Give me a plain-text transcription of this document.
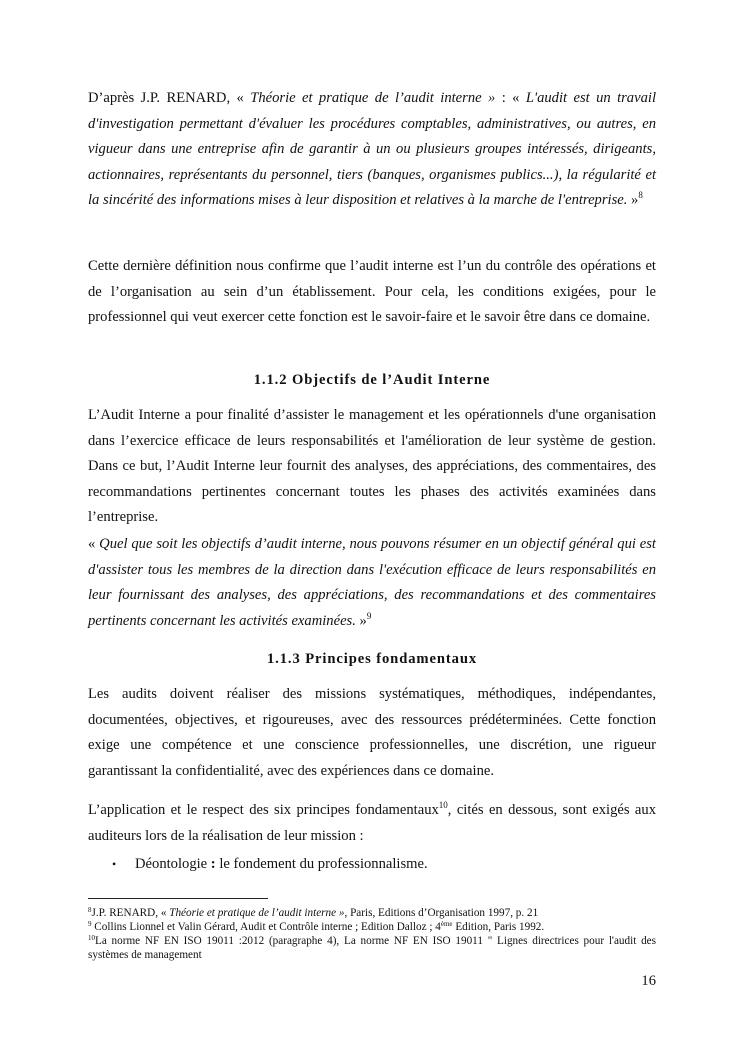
D’après J.P. RENARD, « Théorie et pratique de l’audit interne » : « L'audit est un travail d'investigation permettant d'évaluer les procédures comptables, administratives, ou autres, en vigueur dans une entreprise afin de garantir à un ou plusieurs groupes intéressés, dirigeants, actionnaires, représentants du personnel, tiers (banques, organismes publics...), la régularité et la sincérité des informations mises à leur disposition et relatives à la marche de l'entreprise. »$^8$

Cette dernière définition nous confirme que l’audit interne est l’un du contrôle des opérations et de l’organisation au sein d’un établissement. Pour cela, les conditions exigées, pour le professionnel qui veut exercer cette fonction est le savoir-faire et le savoir être dans ce domaine.

1.1.2 Objectifs de l’Audit Interne

L’Audit Interne a pour finalité d’assister le management et les opérationnels d'une organisation dans l’exercice efficace de leurs responsabilités et l'amélioration de leur système de gestion. Dans ce but, l’Audit Interne leur fournit des analyses, des appréciations, des commentaires, des recommandations pertinentes concernant toutes les phases des activités examinées dans l’entreprise.

« Quel que soit les objectifs d’audit interne, nous pouvons résumer en un objectif général qui est d'assister tous les membres de la direction dans l'exécution efficace de leurs responsabilités en leur fournissant des analyses, des appréciations, des recommandations et des commentaires pertinents concernant les activités examinées. »$^9$

1.1.3 Principes fondamentaux

Les audits doivent réaliser des missions systématiques, méthodiques, indépendantes, documentées, objectives, et rigoureuses, avec des ressources prédéterminées. Cette fonction exige une compétence et une conscience professionnelles, une discrétion, une rigueur garantissant la confidentialité, avec des expériences dans ce domaine.

L’application et le respect des six principes fondamentaux$^{10}$, cités en dessous, sont exigés aux auditeurs lors de la réalisation de leur mission :

• Déontologie : le fondement du professionnalisme.

$^8$J.P. RENARD, « Théorie et pratique de l’audit interne », Paris, Editions d’Organisation 1997, p. 21

$^9$ Collins Lionnel et Valin Gérard, Audit et Contrôle interne ; Edition Dalloz ; 4ème Edition, Paris 1992.

$^{10}$La norme NF EN ISO 19011 :2012 (paragraphe 4), La norme NF EN ISO 19011 " Lignes directrices pour l'audit des systèmes de management

16
